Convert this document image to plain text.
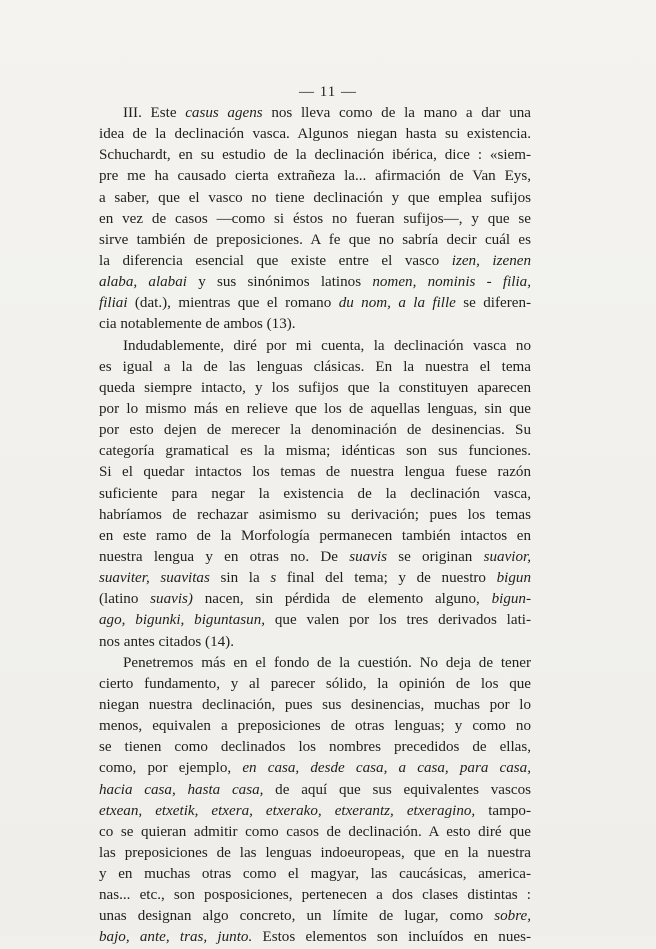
— 11 —
III. Este casus agens nos lleva como de la mano a dar una
idea de la declinación vasca. Algunos niegan hasta su existencia.
Schuchardt, en su estudio de la declinación ibérica, dice : «siem-
pre me ha causado cierta extrañeza la... afirmación de Van Eys,
a saber, que el vasco no tiene declinación y que emplea sufijos
en vez de casos —como si éstos no fueran sufijos—, y que se
sirve también de preposiciones. A fe que no sabría decir cuál es
la diferencia esencial que existe entre el vasco izen, izenen
alaba, alabai y sus sinónimos latinos nomen, nominis - filia,
filiai (dat.), mientras que el romano du nom, a la fille se diferen-
cia notablemente de ambos (13).
Indudablemente, diré por mi cuenta, la declinación vasca no
es igual a la de las lenguas clásicas. En la nuestra el tema
queda siempre intacto, y los sufijos que la constituyen aparecen
por lo mismo más en relieve que los de aquellas lenguas, sin que
por esto dejen de merecer la denominación de desinencias. Su
categoría gramatical es la misma; idénticas son sus funciones.
Si el quedar intactos los temas de nuestra lengua fuese razón
suficiente para negar la existencia de la declinación vasca,
habríamos de rechazar asimismo su derivación; pues los temas
en este ramo de la Morfología permanecen también intactos en
nuestra lengua y en otras no. De suavis se originan suavior,
suaviter, suavitas sin la s final del tema; y de nuestro bigun
(latino suavis) nacen, sin pérdida de elemento alguno, bigun-
ago, bigunki, biguntasun, que valen por los tres derivados lati-
nos antes citados (14).
Penetremos más en el fondo de la cuestión. No deja de tener
cierto fundamento, y al parecer sólido, la opinión de los que
niegan nuestra declinación, pues sus desinencias, muchas por lo
menos, equivalen a preposiciones de otras lenguas; y como no
se tienen como declinados los nombres precedidos de ellas,
como, por ejemplo, en casa, desde casa, a casa, para casa,
hacia casa, hasta casa, de aquí que sus equivalentes vascos
etxean, etxetik, etxera, etxerako, etxerantz, etxeragino, tampo-
co se quieran admitir como casos de declinación. A esto diré que
las preposiciones de las lenguas indoeuropeas, que en la nuestra
y en muchas otras como el magyar, las caucásicas, america-
nas... etc., son posposiciones, pertenecen a dos clases distintas :
unas designan algo concreto, un límite de lugar, como sobre,
bajo, ante, tras, junto. Estos elementos son incluídos en nues-
